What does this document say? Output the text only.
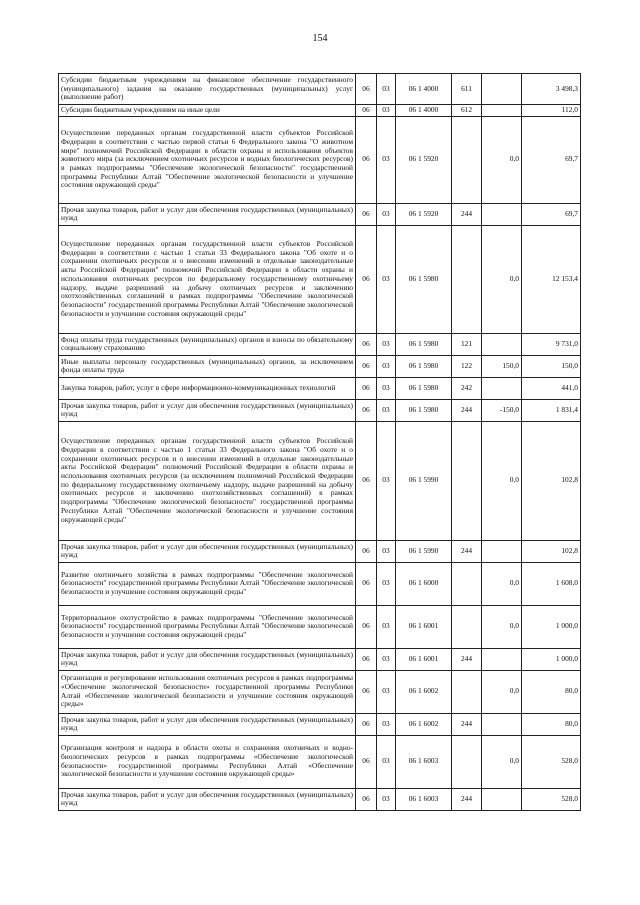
154
Субсидии бюджетным учреждениям на финансовое обеспечение государственного (муниципального) задания на оказание государственных (муниципальных) услуг (выполнение работ)	06	03	06 1 4000	611		3 498,3
Субсидии бюджетным учреждениям на иные цели	06	03	06 1 4000	612		112,0
Осуществление переданных органам государственной власти субъектов Российской Федерации в соответствии с частью первой статьи 6 Федерального закона "О животном мире" полномочий Российской Федерации в области охраны и использования объектов животного мира (за исключением охотничьих ресурсов и водных биологических ресурсов) в рамках подпрограммы "Обеспечение экологической безопасности" государственной программы Республики Алтай "Обеспечение экологической безопасности и улучшение состояния окружающей среды"	06	03	06 1 5920		0,0	69,7
Прочая закупка товаров, работ и услуг для обеспечения государственных (муниципальных) нужд	06	03	06 1 5920	244		69,7
Осуществление переданных органам государственной власти субъектов Российской Федерации в соответствии с частью 1 статьи 33 Федерального закона "Об охоте и о сохранении охотничьих ресурсов и о внесении изменений в отдельные законодательные акты Российской Федерации" полномочий Российской Федерации в области охраны и использования охотничьих ресурсов по федеральному государственному охотничьему надзору, выдаче разрешений на добычу охотничьих ресурсов и заключению охотхозяйственных соглашений в рамках подпрограммы "Обеспечение экологической безопасности" государственной программы Республики Алтай "Обеспечение экологической безопасности и улучшение состояния окружающей среды"	06	03	06 1 5980		0,0	12 153,4
Фонд оплаты труда государственных (муниципальных) органов и взносы по обязательному социальному страхованию	06	03	06 1 5980	121		9 731,0
Иные выплаты персоналу государственных (муниципальных) органов, за исключением фонда оплаты труда	06	03	06 1 5980	122	150,0	150,0
Закупка товаров, работ, услуг в сфере информационно-коммуникационных технологий	06	03	06 1 5980	242		441,0
Прочая закупка товаров, работ и услуг для обеспечения государственных (муниципальных) нужд	06	03	06 1 5980	244	-150,0	1 831,4
Осуществление переданных органам государственной власти субъектов Российской Федерации в соответствии с частью 1 статьи 33 Федерального закона "Об охоте и о сохранении охотничьих ресурсов и о внесении изменений в отдельные законодательные акты Российской Федерации" полномочий Российской Федерации в области охраны и использования охотничьих ресурсов (за исключением полномочий Российской Федерации по федеральному государственному охотничьему надзору, выдаче разрешений на добычу охотничьих ресурсов и заключению охотхозяйственных соглашений) в рамках подпрограммы "Обеспечение экологической безопасности" государственной программы Республики Алтай "Обеспечение экологической безопасности и улучшение состояния окружающей среды"	06	03	06 1 5990		0,0	102,8
Прочая закупка товаров, работ и услуг для обеспечения государственных (муниципальных) нужд	06	03	06 1 5990	244		102,8
Развитие охотничьего хозяйства в рамках подпрограммы "Обеспечение экологической безопасности" государственной программы Республики Алтай "Обеспечение экологической безопасности и улучшение состояния окружающей среды"	06	03	06 1 6000		0,0	1 608,0
Территориальное охотустройство в рамках подпрограммы "Обеспечение экологической безопасности" государственной программы Республики Алтай "Обеспечение экологической безопасности и улучшение состояния окружающей среды"	06	03	06 1 6001		0,0	1 000,0
Прочая закупка товаров, работ и услуг для обеспечения государственных (муниципальных) нужд	06	03	06 1 6001	244		1 000,0
Организация и регулирование использования охотничьих ресурсов в рамках подпрограммы «Обеспечение экологической безопасности» государственной программы Республики Алтай «Обеспечение экологической безопасности и улучшение состояния окружающей среды»	06	03	06 1 6002		0,0	80,0
Прочая закупка товаров, работ и услуг для обеспечения государственных (муниципальных) нужд	06	03	06 1 6002	244		80,0
Организация контроля и надзора в области охоты и сохранения охотничьих и водно-биологических ресурсов в рамках подпрограммы «Обеспечение экологической безопасности» государственной программы Республики Алтай «Обеспечение экологической безопасности и улучшение состояния окружающей среды»	06	03	06 1 6003		0,0	528,0
Прочая закупка товаров, работ и услуг для обеспечения государственных (муниципальных) нужд	06	03	06 1 6003	244		528,0
